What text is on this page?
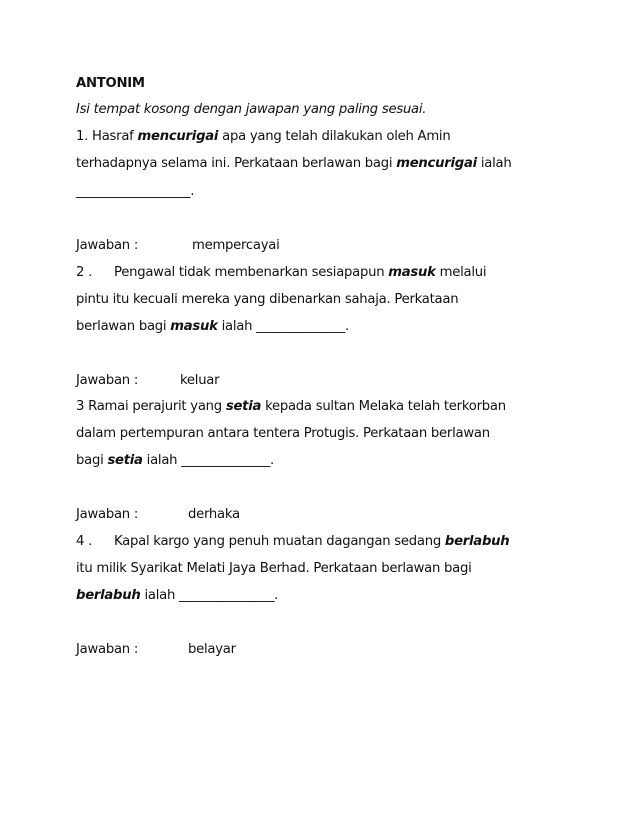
ANTONIM
Isi tempat kosong dengan jawapan yang paling sesuai.
1. Hasraf mencurigai apa yang telah dilakukan oleh Amin
terhadapnya selama ini. Perkataan berlawan bagi mencurigai ialah
__________________.
Jawaban :	mempercayai
2 . Pengawal tidak membenarkan sesiapapun masuk melalui
pintu itu kecuali mereka yang dibenarkan sahaja. Perkataan
berlawan bagi masuk ialah ______________.
Jawaban :	keluar
3 Ramai perajurit yang setia kepada sultan Melaka telah terkorban
dalam pertempuran antara tentera Protugis. Perkataan berlawan
bagi setia ialah ______________.
Jawaban :	derhaka
4 . Kapal kargo yang penuh muatan dagangan sedang berlabuh
itu milik Syarikat Melati Jaya Berhad. Perkataan berlawan bagi
berlabuh ialah _______________.
Jawaban :	belayar
